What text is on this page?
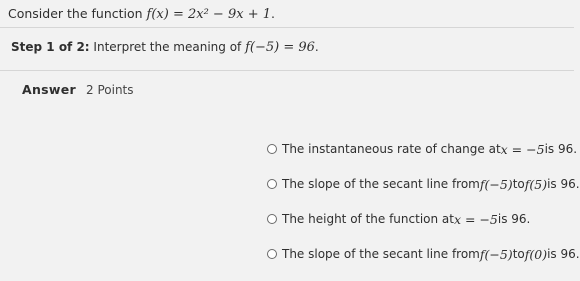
Consider the function f(x) = 2x² − 9x + 1.
Step 1 of 2: Interpret the meaning of f(−5) = 96.
Answer 2 Points
The instantaneous rate of change at x = −5 is 96.
The slope of the secant line from f(−5) to f(5) is 96.
The height of the function at x = −5 is 96.
The slope of the secant line from f(−5) to f(0) is 96.
